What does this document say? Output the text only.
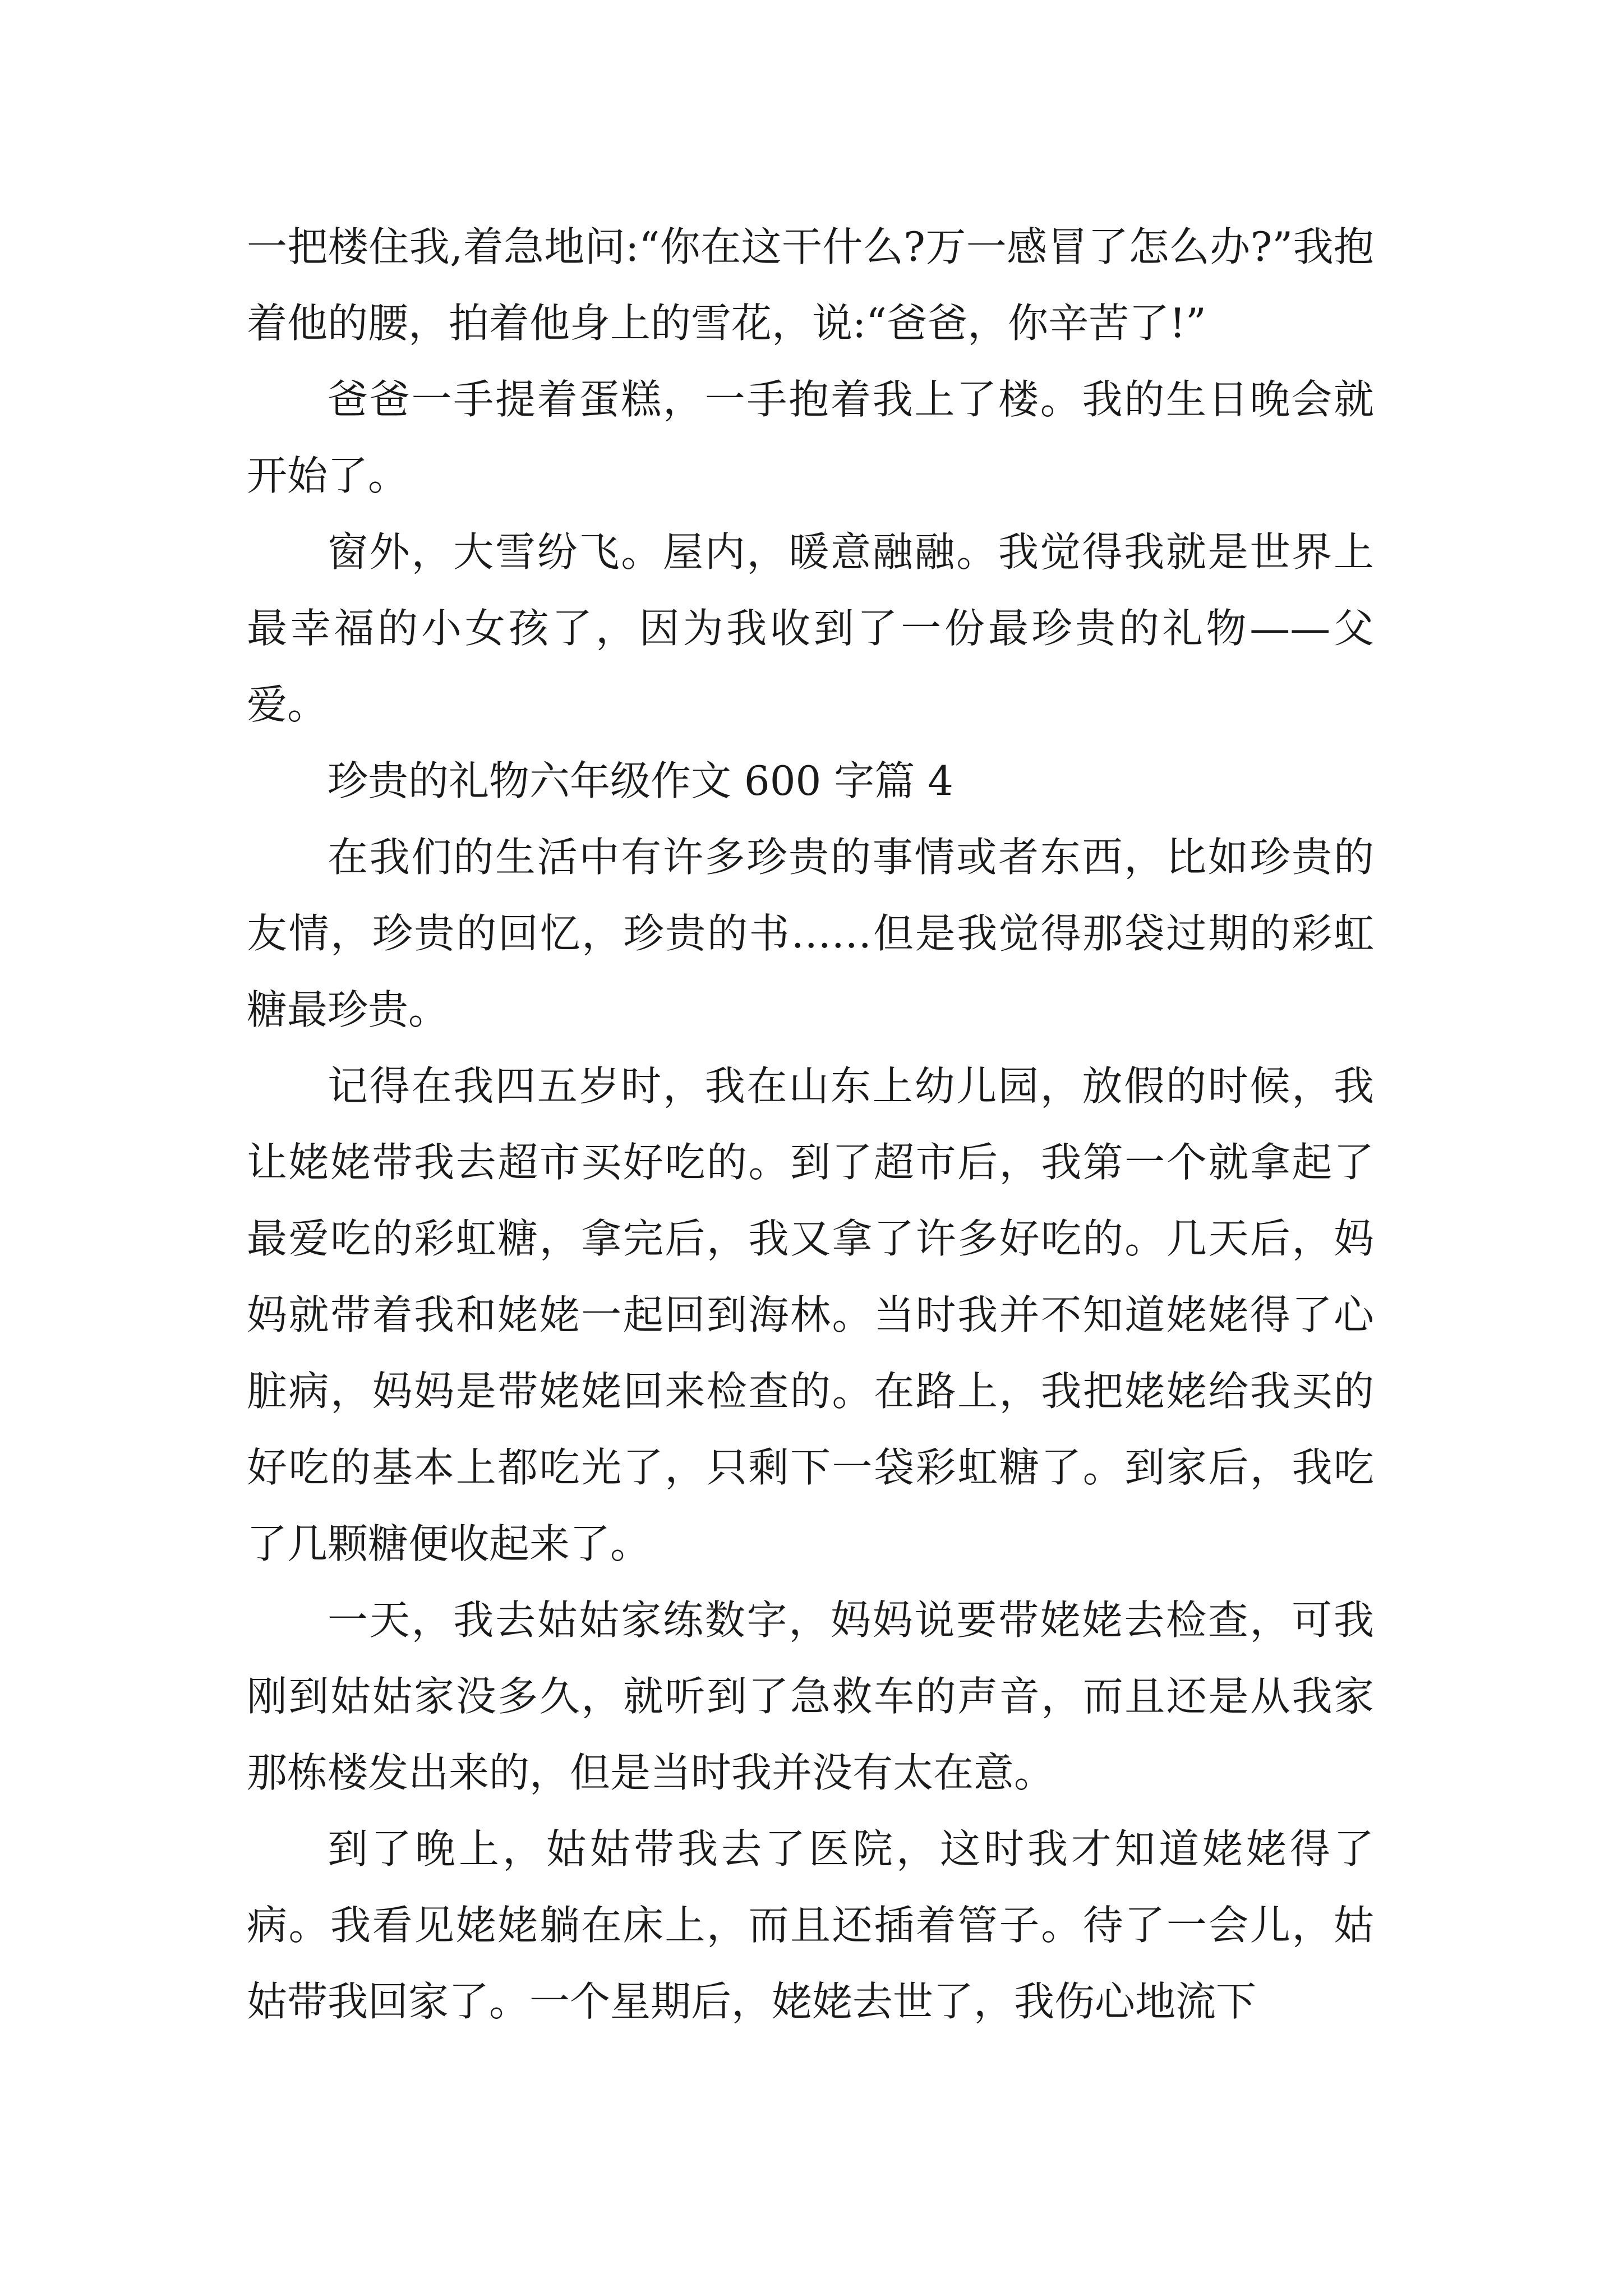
一把楼住我,着急地问:“你在这干什么?万一感冒了怎么办?”我抱着他的腰，拍着他身上的雪花，说:“爸爸，你辛苦了!”

爸爸一手提着蛋糕，一手抱着我上了楼。我的生日晚会就开始了。

窗外，大雪纷飞。屋内，暖意融融。我觉得我就是世界上最幸福的小女孩了，因为我收到了一份最珍贵的礼物——父爱。

珍贵的礼物六年级作文 600 字篇 4

在我们的生活中有许多珍贵的事情或者东西，比如珍贵的友情，珍贵的回忆，珍贵的书……但是我觉得那袋过期的彩虹糖最珍贵。

记得在我四五岁时，我在山东上幼儿园，放假的时候，我让姥姥带我去超市买好吃的。到了超市后，我第一个就拿起了最爱吃的彩虹糖，拿完后，我又拿了许多好吃的。几天后，妈妈就带着我和姥姥一起回到海林。当时我并不知道姥姥得了心脏病，妈妈是带姥姥回来检查的。在路上，我把姥姥给我买的好吃的基本上都吃光了，只剩下一袋彩虹糖了。到家后，我吃了几颗糖便收起来了。

一天，我去姑姑家练数字，妈妈说要带姥姥去检查，可我刚到姑姑家没多久，就听到了急救车的声音，而且还是从我家那栋楼发出来的，但是当时我并没有太在意。

到了晚上，姑姑带我去了医院，这时我才知道姥姥得了病。我看见姥姥躺在床上，而且还插着管子。待了一会儿，姑姑带我回家了。一个星期后，姥姥去世了，我伤心地流下
